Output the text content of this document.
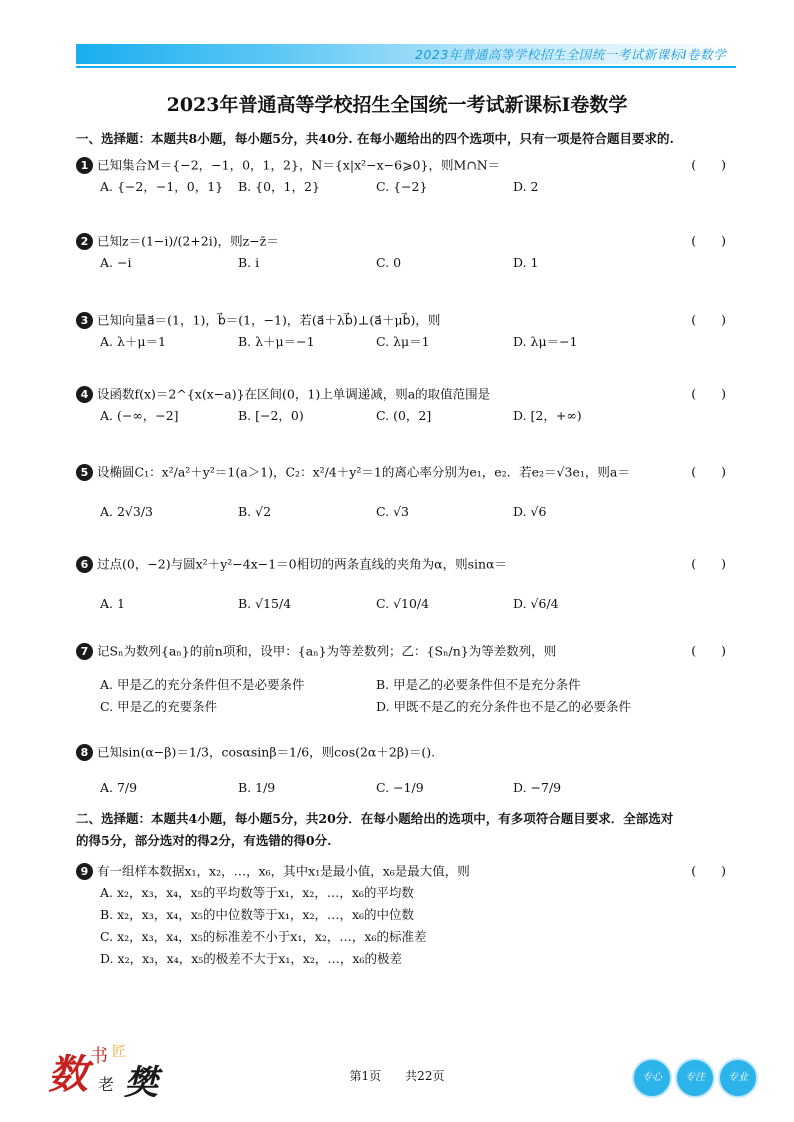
2023年普通高等学校招生全国统一考试新课标Ⅰ卷数学
2023年普通高等学校招生全国统一考试新课标Ⅰ卷数学
一、选择题：本题共8小题，每小题5分，共40分. 在每小题给出的四个选项中，只有一项是符合题目要求的.
1 已知集合M＝{−2，−1，0，1，2}，N＝{x|x²−x−6⩾0}，则M∩N＝	(　　)
A. {−2，−1，0，1} B. {0，1，2}	C. {−2}	D. 2
2 已知z＝(1−i)/(2+2i)，则z−z̄＝	(　　)
A. −i	B. i	C. 0	D. 1
3 已知向量a⃗＝(1，1)，b⃗＝(1，−1)，若(a⃗＋λb⃗)⊥(a⃗＋μb⃗)，则	(　　)
A. λ＋μ＝1	B. λ＋μ＝−1	C. λμ＝1	D. λμ＝−1
4 设函数f(x)＝2^{x(x−a)}在区间(0，1)上单调递减，则a的取值范围是	(　　)
A. (−∞，−2]	B. [−2，0)	C. (0，2]	D. [2，+∞)
5 设椭圆C₁：x²/a²＋y²＝1(a＞1)，C₂：x²/4＋y²＝1的离心率分别为e₁，e₂．若e₂＝√3e₁，则a＝	(　　)
A. 2√3/3	B. √2	C. √3	D. √6
6 过点(0，−2)与圆x²＋y²−4x−1＝0相切的两条直线的夹角为α，则sinα＝	(　　)
A. 1	B. √15/4	C. √10/4	D. √6/4
7 记Sₙ为数列{aₙ}的前n项和，设甲：{aₙ}为等差数列；乙：{Sₙ/n}为等差数列，则	(　　)
A. 甲是乙的充分条件但不是必要条件	B. 甲是乙的必要条件但不是充分条件
C. 甲是乙的充要条件	D. 甲既不是乙的充分条件也不是乙的必要条件
8 已知sin(α−β)＝1/3，cosαsinβ＝1/6，则cos(2α＋2β)＝().
A. 7/9	B. 1/9	C. −1/9	D. −7/9
二、选择题：本题共4小题，每小题5分，共20分．在每小题给出的选项中，有多项符合题目要求．全部选对
的得5分，部分选对的得2分，有选错的得0分.
9 有一组样本数据x₁，x₂，…，x₆，其中x₁是最小值，x₆是最大值，则	(　　)
A. x₂，x₃，x₄，x₅的平均数等于x₁，x₂，…，x₆的平均数
B. x₂，x₃，x₄，x₅的中位数等于x₁，x₂，…，x₆的中位数
C. x₂，x₃，x₄，x₅的标准差不小于x₁，x₂，…，x₆的标准差
D. x₂，x₃，x₄，x₅的极差不大于x₁，x₂，…，x₆的极差
数 书 匠
老 樊	第1页　　共22页	专心 专注 专业
